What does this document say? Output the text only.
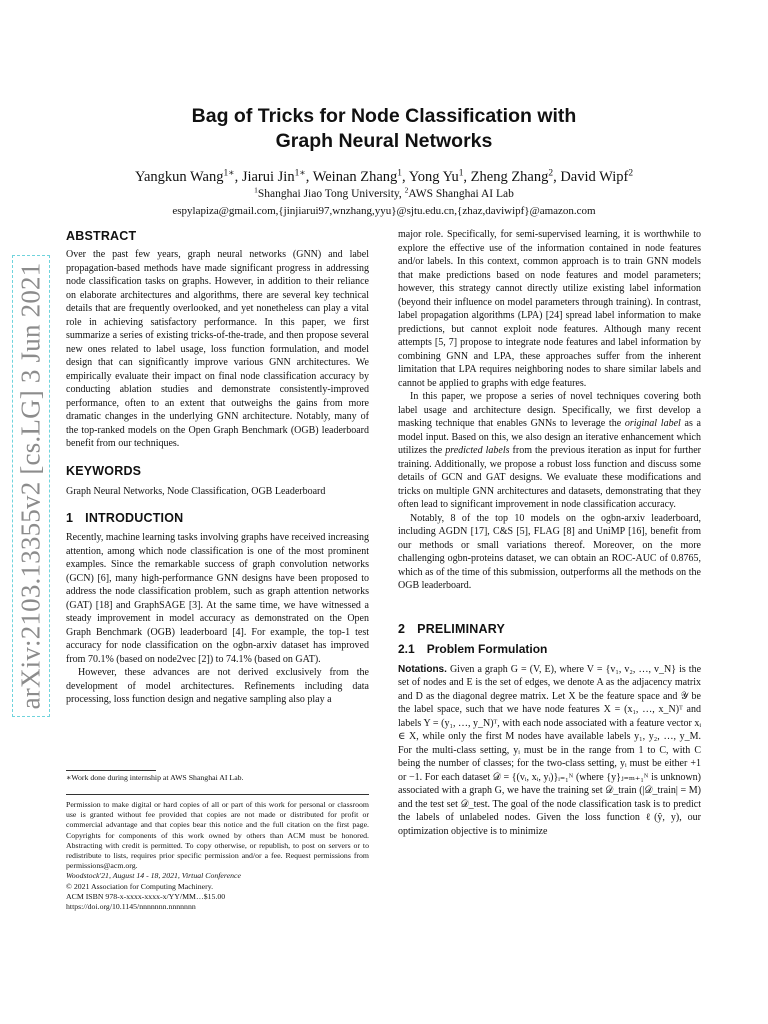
arXiv:2103.13355v2 [cs.LG] 3 Jun 2021
Bag of Tricks for Node Classification with
Graph Neural Networks
Yangkun Wang$^{1∗}$, Jiarui Jin$^{1∗}$, Weinan Zhang$^1$, Yong Yu$^1$, Zheng Zhang$^2$, David Wipf$^2$
$^1$Shanghai Jiao Tong University, $^2$AWS Shanghai AI Lab
espylapiza@gmail.com,{jinjiarui97,wnzhang,yyu}@sjtu.edu.cn,{zhaz,daviwipf}@amazon.com
ABSTRACT

Over the past few years, graph neural networks (GNN) and label propagation-based methods have made significant progress in addressing node classification tasks on graphs. However, in addition to their reliance on elaborate architectures and algorithms, there are several key technical details that are frequently overlooked, and yet nonetheless can play a vital role in achieving satisfactory performance. In this paper, we first summarize a series of existing tricks-of-the-trade, and then propose several new ones related to label usage, loss function formulation, and model design that can significantly improve various GNN architectures. We empirically evaluate their impact on final node classification accuracy by conducting ablation studies and demonstrate consistently-improved performance, often to an extent that outweighs the gains from more dramatic changes in the underlying GNN architecture. Notably, many of the top-ranked models on the Open Graph Benchmark (OGB) leaderboard benefit from our techniques.

KEYWORDS

Graph Neural Networks, Node Classification, OGB Leaderboard

1 INTRODUCTION

Recently, machine learning tasks involving graphs have received increasing attention, among which node classification is one of the most prominent examples. Since the remarkable success of graph convolution networks (GCN) [6], many high-performance GNN designs have been proposed to address the node classification problem, such as graph attention networks (GAT) [18] and GraphSAGE [3]. At the same time, we have witnessed a steady improvement in model accuracy as demonstrated on the Open Graph Benchmark (OGB) leaderboard [4]. For example, the top-1 test accuracy for node classification on the ogbn-arxiv dataset has improved from 70.1% (based on node2vec [2]) to 74.1% (based on GAT).

However, these advances are not derived exclusively from the development of model architectures. Refinements including data processing, loss function design and negative sampling also play a

∗Work done during internship at AWS Shanghai AI Lab.

Permission to make digital or hard copies of all or part of this work for personal or classroom use is granted without fee provided that copies are not made or distributed for profit or commercial advantage and that copies bear this notice and the full citation on the first page. Copyrights for components of this work owned by others than ACM must be honored. Abstracting with credit is permitted. To copy otherwise, or republish, to post on servers or to redistribute to lists, requires prior specific permission and/or a fee. Request permissions from permissions@acm.org.

Woodstock'21, August 14 - 18, 2021, Virtual Conference

© 2021 Association for Computing Machinery.

ACM ISBN 978-x-xxxx-xxxx-x/YY/MM…$15.00

https://doi.org/10.1145/nnnnnnn.nnnnnnn

major role. Specifically, for semi-supervised learning, it is worthwhile to explore the effective use of the information contained in node features and/or labels. In this context, common approach is to train GNN models that make predictions based on node features and model parameters; however, this strategy cannot directly utilize existing label information (beyond their influence on model parameters through training). In contrast, label propagation algorithms (LPA) [24] spread label information to make predictions, but cannot exploit node features. Although many recent attempts [5, 7] propose to integrate node features and label information by combining GNN and LPA, these approaches suffer from the inherent limitation that LPA requires neighboring nodes to share similar labels and cannot be applied to graphs with edge features.

In this paper, we propose a series of novel techniques covering both label usage and architecture design. Specifically, we first develop a masking technique that enables GNNs to leverage the original label as a model input. Based on this, we also design an iterative enhancement which utilizes the predicted labels from the previous iteration as input for further training. Additionally, we propose a robust loss function and discuss some details of GCN and GAT designs. We evaluate these modifications and tricks on multiple GNN architectures and datasets, demonstrating that they often lead to significant improvement in node classification accuracy.

Notably, 8 of the top 10 models on the ogbn-arxiv leaderboard, including AGDN [17], C&S [5], FLAG [8] and UniMP [16], benefit from our methods or small variations thereof. Moreover, on the more challenging ogbn-proteins dataset, we can obtain an ROC-AUC of 0.8765, which as of the time of this submission, outperforms all the methods on the OGB leaderboard.

2 PRELIMINARY
2.1 Problem Formulation

Notations. Given a graph G = (V, E), where V = {v₁, v₂, …, v_N} is the set of nodes and E is the set of edges, we denote A as the adjacency matrix and D as the diagonal degree matrix. Let X be the feature space and 𝒴 be the label space, such that we have node features X = (x₁, …, x_N)ᵀ and labels Y = (y₁, …, y_N)ᵀ, with each node associated with a feature vector xᵢ ∈ X, while only the first M nodes have available labels y₁, y₂, …, y_M. For the multi-class setting, yᵢ must be in the range from 1 to C, with C being the number of classes; for the two-class setting, yᵢ must be either +1 or −1. For each dataset 𝒟 = {(vᵢ, xᵢ, yᵢ)}ᵢ₌₁ᴺ (where {y}ⱼ₌ₘ₊₁ᴺ is unknown) associated with a graph G, we have the training set 𝒟_train (|𝒟_train| = M) and the test set 𝒟_test. The goal of the node classification task is to predict the labels of unlabeled nodes. Given the loss function ℓ(ŷ, y), our optimization objective is to minimize
